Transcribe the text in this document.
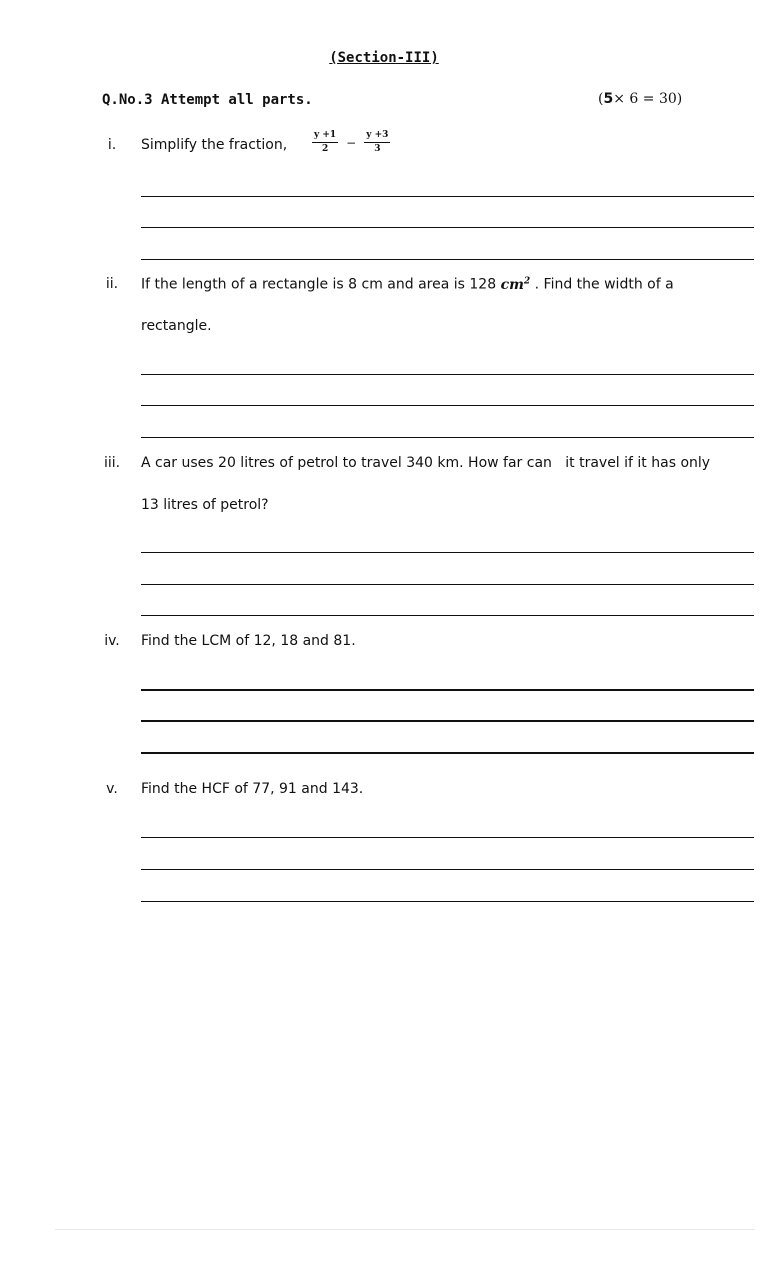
(Section-III)
Q.No.3 Attempt all parts.	(5× 6 = 30)
i.	Simplify the fraction,	$\frac{y +1}{2} - \frac{y +3}{3}$
ii.	If the length of a rectangle is 8 cm and area is 128 $cm^2$ . Find the width of a
rectangle.
iii. A car uses 20 litres of petrol to travel 340 km. How far can   it travel if it has only
13 litres of petrol?
iv.	Find the LCM of 12, 18 and 81.
v.	Find the HCF of 77, 91 and 143.
